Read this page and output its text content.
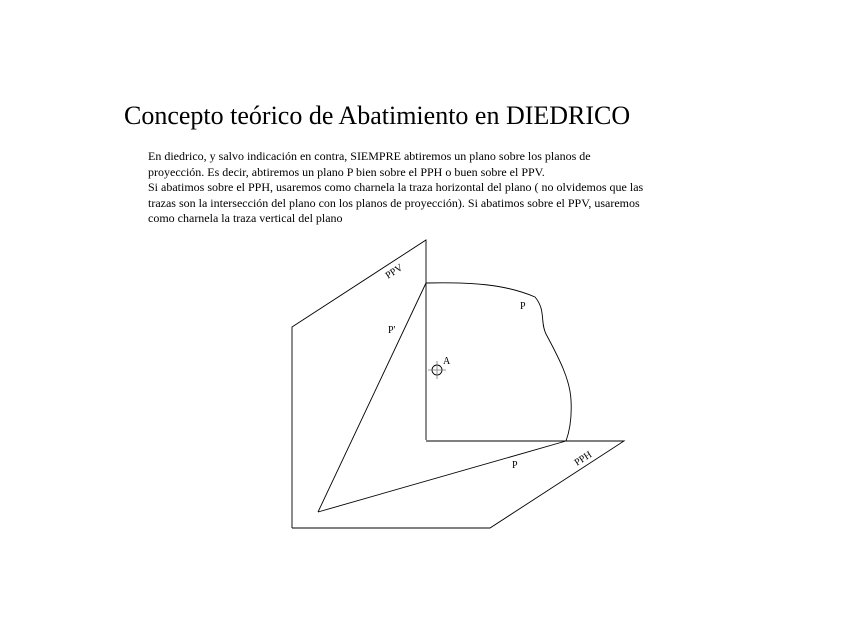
Concepto teórico de Abatimiento en DIEDRICO
En diedrico, y salvo indicación en contra, SIEMPRE abtiremos un plano sobre los planos de
proyección. Es decir, abtiremos un plano P bien sobre el PPH o buen sobre el PPV.
Si abatimos sobre el PPH, usaremos como charnela la traza horizontal del plano ( no olvidemos que las
trazas son la intersección del plano con los planos de proyección). Si abatimos sobre el PPV, usaremos
como charnela la traza vertical del plano
PPV
PPH
P'
P
P
A
